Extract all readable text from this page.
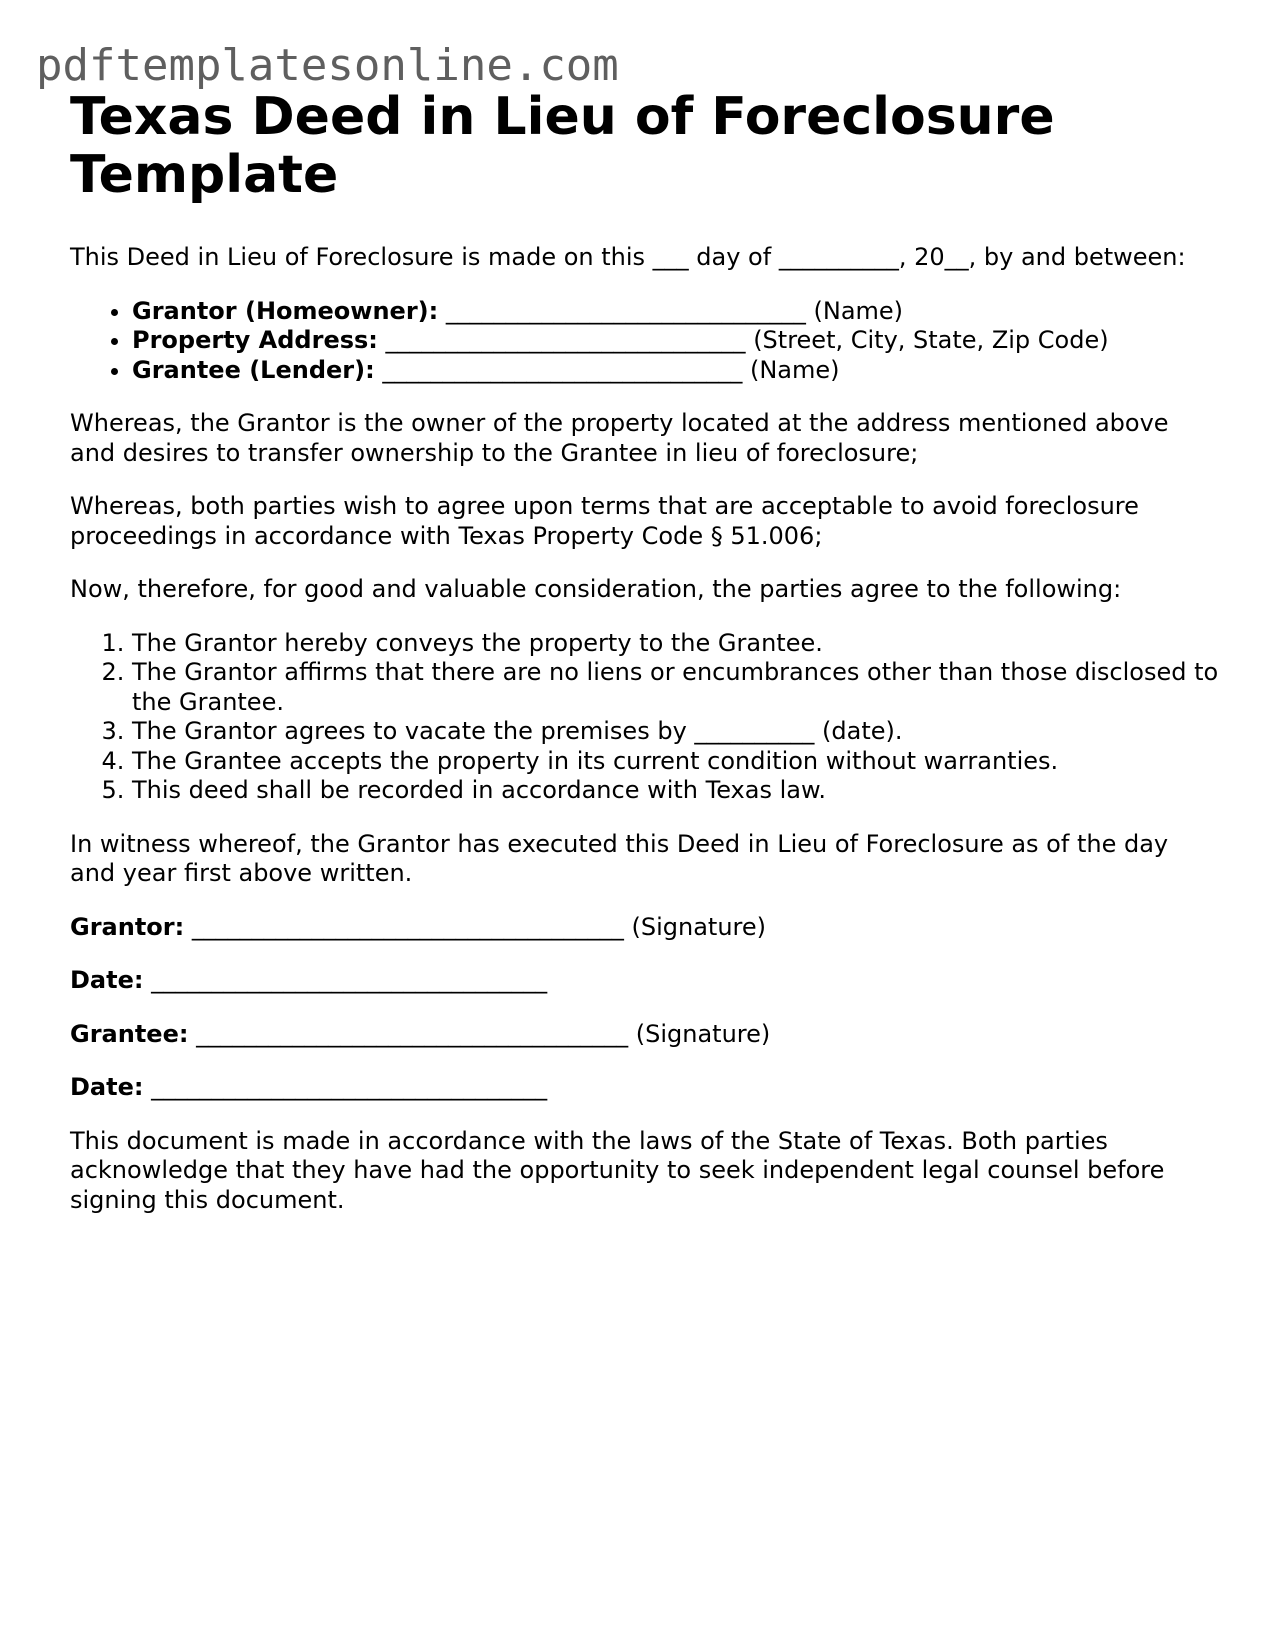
pdftemplatesonline.com
Texas Deed in Lieu of Foreclosure Template

This Deed in Lieu of Foreclosure is made on this ___ day of __________, 20__, by and between:

• Grantor (Homeowner): ______________________________ (Name)
• Property Address: ______________________________ (Street, City, State, Zip Code)
• Grantee (Lender): ______________________________ (Name)

Whereas, the Grantor is the owner of the property located at the address mentioned above and desires to transfer ownership to the Grantee in lieu of foreclosure;

Whereas, both parties wish to agree upon terms that are acceptable to avoid foreclosure proceedings in accordance with Texas Property Code § 51.006;

Now, therefore, for good and valuable consideration, the parties agree to the following:

1. The Grantor hereby conveys the property to the Grantee.
2. The Grantor affirms that there are no liens or encumbrances other than those disclosed to the Grantee.
3. The Grantor agrees to vacate the premises by __________ (date).
4. The Grantee accepts the property in its current condition without warranties.
5. This deed shall be recorded in accordance with Texas law.

In witness whereof, the Grantor has executed this Deed in Lieu of Foreclosure as of the day and year first above written.

Grantor: ____________________________________ (Signature)
Date: _________________________________
Grantee: ____________________________________ (Signature)
Date: _________________________________

This document is made in accordance with the laws of the State of Texas. Both parties acknowledge that they have had the opportunity to seek independent legal counsel before signing this document.
